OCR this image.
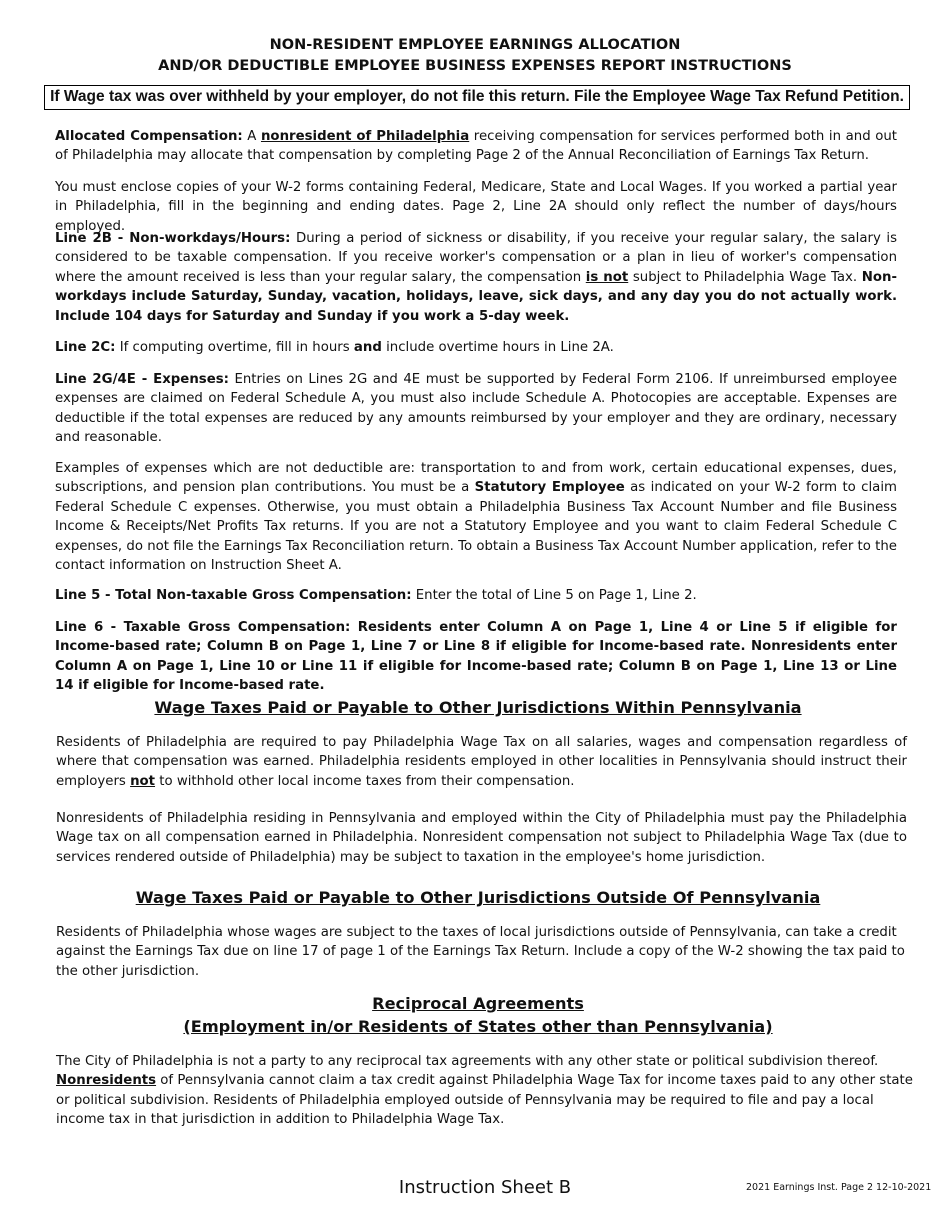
NON-RESIDENT EMPLOYEE EARNINGS ALLOCATION
AND/OR DEDUCTIBLE EMPLOYEE BUSINESS EXPENSES REPORT INSTRUCTIONS
If Wage tax was over withheld by your employer, do not file this return. File the Employee Wage Tax Refund Petition.
Allocated Compensation: A nonresident of Philadelphia receiving compensation for services performed both in and out of Philadelphia may allocate that compensation by completing Page 2 of the Annual Reconciliation of Earnings Tax Return.
You must enclose copies of your W-2 forms containing Federal, Medicare, State and Local Wages. If you worked a partial year in Philadelphia, fill in the beginning and ending dates. Page 2, Line 2A should only reflect the number of days/hours employed.
Line 2B - Non-workdays/Hours: During a period of sickness or disability, if you receive your regular salary, the salary is considered to be taxable compensation. If you receive worker's compensation or a plan in lieu of worker's compensation where the amount received is less than your regular salary, the compensation is not subject to Philadelphia Wage Tax. Non-workdays include Saturday, Sunday, vacation, holidays, leave, sick days, and any day you do not actually work. Include 104 days for Saturday and Sunday if you work a 5-day week.
Line 2C: If computing overtime, fill in hours and include overtime hours in Line 2A.
Line 2G/4E - Expenses: Entries on Lines 2G and 4E must be supported by Federal Form 2106. If unreimbursed employee expenses are claimed on Federal Schedule A, you must also include Schedule A. Photocopies are acceptable. Expenses are deductible if the total expenses are reduced by any amounts reimbursed by your employer and they are ordinary, necessary and reasonable.
Examples of expenses which are not deductible are: transportation to and from work, certain educational expenses, dues, subscriptions, and pension plan contributions. You must be a Statutory Employee as indicated on your W-2 form to claim Federal Schedule C expenses. Otherwise, you must obtain a Philadelphia Business Tax Account Number and file Business Income & Receipts/Net Profits Tax returns. If you are not a Statutory Employee and you want to claim Federal Schedule C expenses, do not file the Earnings Tax Reconciliation return. To obtain a Business Tax Account Number application, refer to the contact information on Instruction Sheet A.
Line 5 - Total Non-taxable Gross Compensation: Enter the total of Line 5 on Page 1, Line 2.
Line 6 - Taxable Gross Compensation: Residents enter Column A on Page 1, Line 4 or Line 5 if eligible for Income-based rate; Column B on Page 1, Line 7 or Line 8 if eligible for Income-based rate. Nonresidents enter Column A on Page 1, Line 10 or Line 11 if eligible for Income-based rate; Column B on Page 1, Line 13 or Line 14 if eligible for Income-based rate.
Wage Taxes Paid or Payable to Other Jurisdictions Within Pennsylvania
Residents of Philadelphia are required to pay Philadelphia Wage Tax on all salaries, wages and compensation regardless of where that compensation was earned. Philadelphia residents employed in other localities in Pennsylvania should instruct their employers not to withhold other local income taxes from their compensation.
Nonresidents of Philadelphia residing in Pennsylvania and employed within the City of Philadelphia must pay the Philadelphia Wage tax on all compensation earned in Philadelphia. Nonresident compensation not subject to Philadelphia Wage Tax (due to services rendered outside of Philadelphia) may be subject to taxation in the employee's home jurisdiction.
Wage Taxes Paid or Payable to Other Jurisdictions Outside Of Pennsylvania
Residents of Philadelphia whose wages are subject to the taxes of local jurisdictions outside of Pennsylvania, can take a credit against the Earnings Tax due on line 17 of page 1 of the Earnings Tax Return. Include a copy of the W-2 showing the tax paid to the other jurisdiction.
Reciprocal Agreements
(Employment in/or Residents of States other than Pennsylvania)
The City of Philadelphia is not a party to any reciprocal tax agreements with any other state or political subdivision thereof.
Nonresidents of Pennsylvania cannot claim a tax credit against Philadelphia Wage Tax for income taxes paid to any other state or political subdivision. Residents of Philadelphia employed outside of Pennsylvania may be required to file and pay a local income tax in that jurisdiction in addition to Philadelphia Wage Tax.
Instruction Sheet B	2021 Earnings Inst. Page 2 12-10-2021
